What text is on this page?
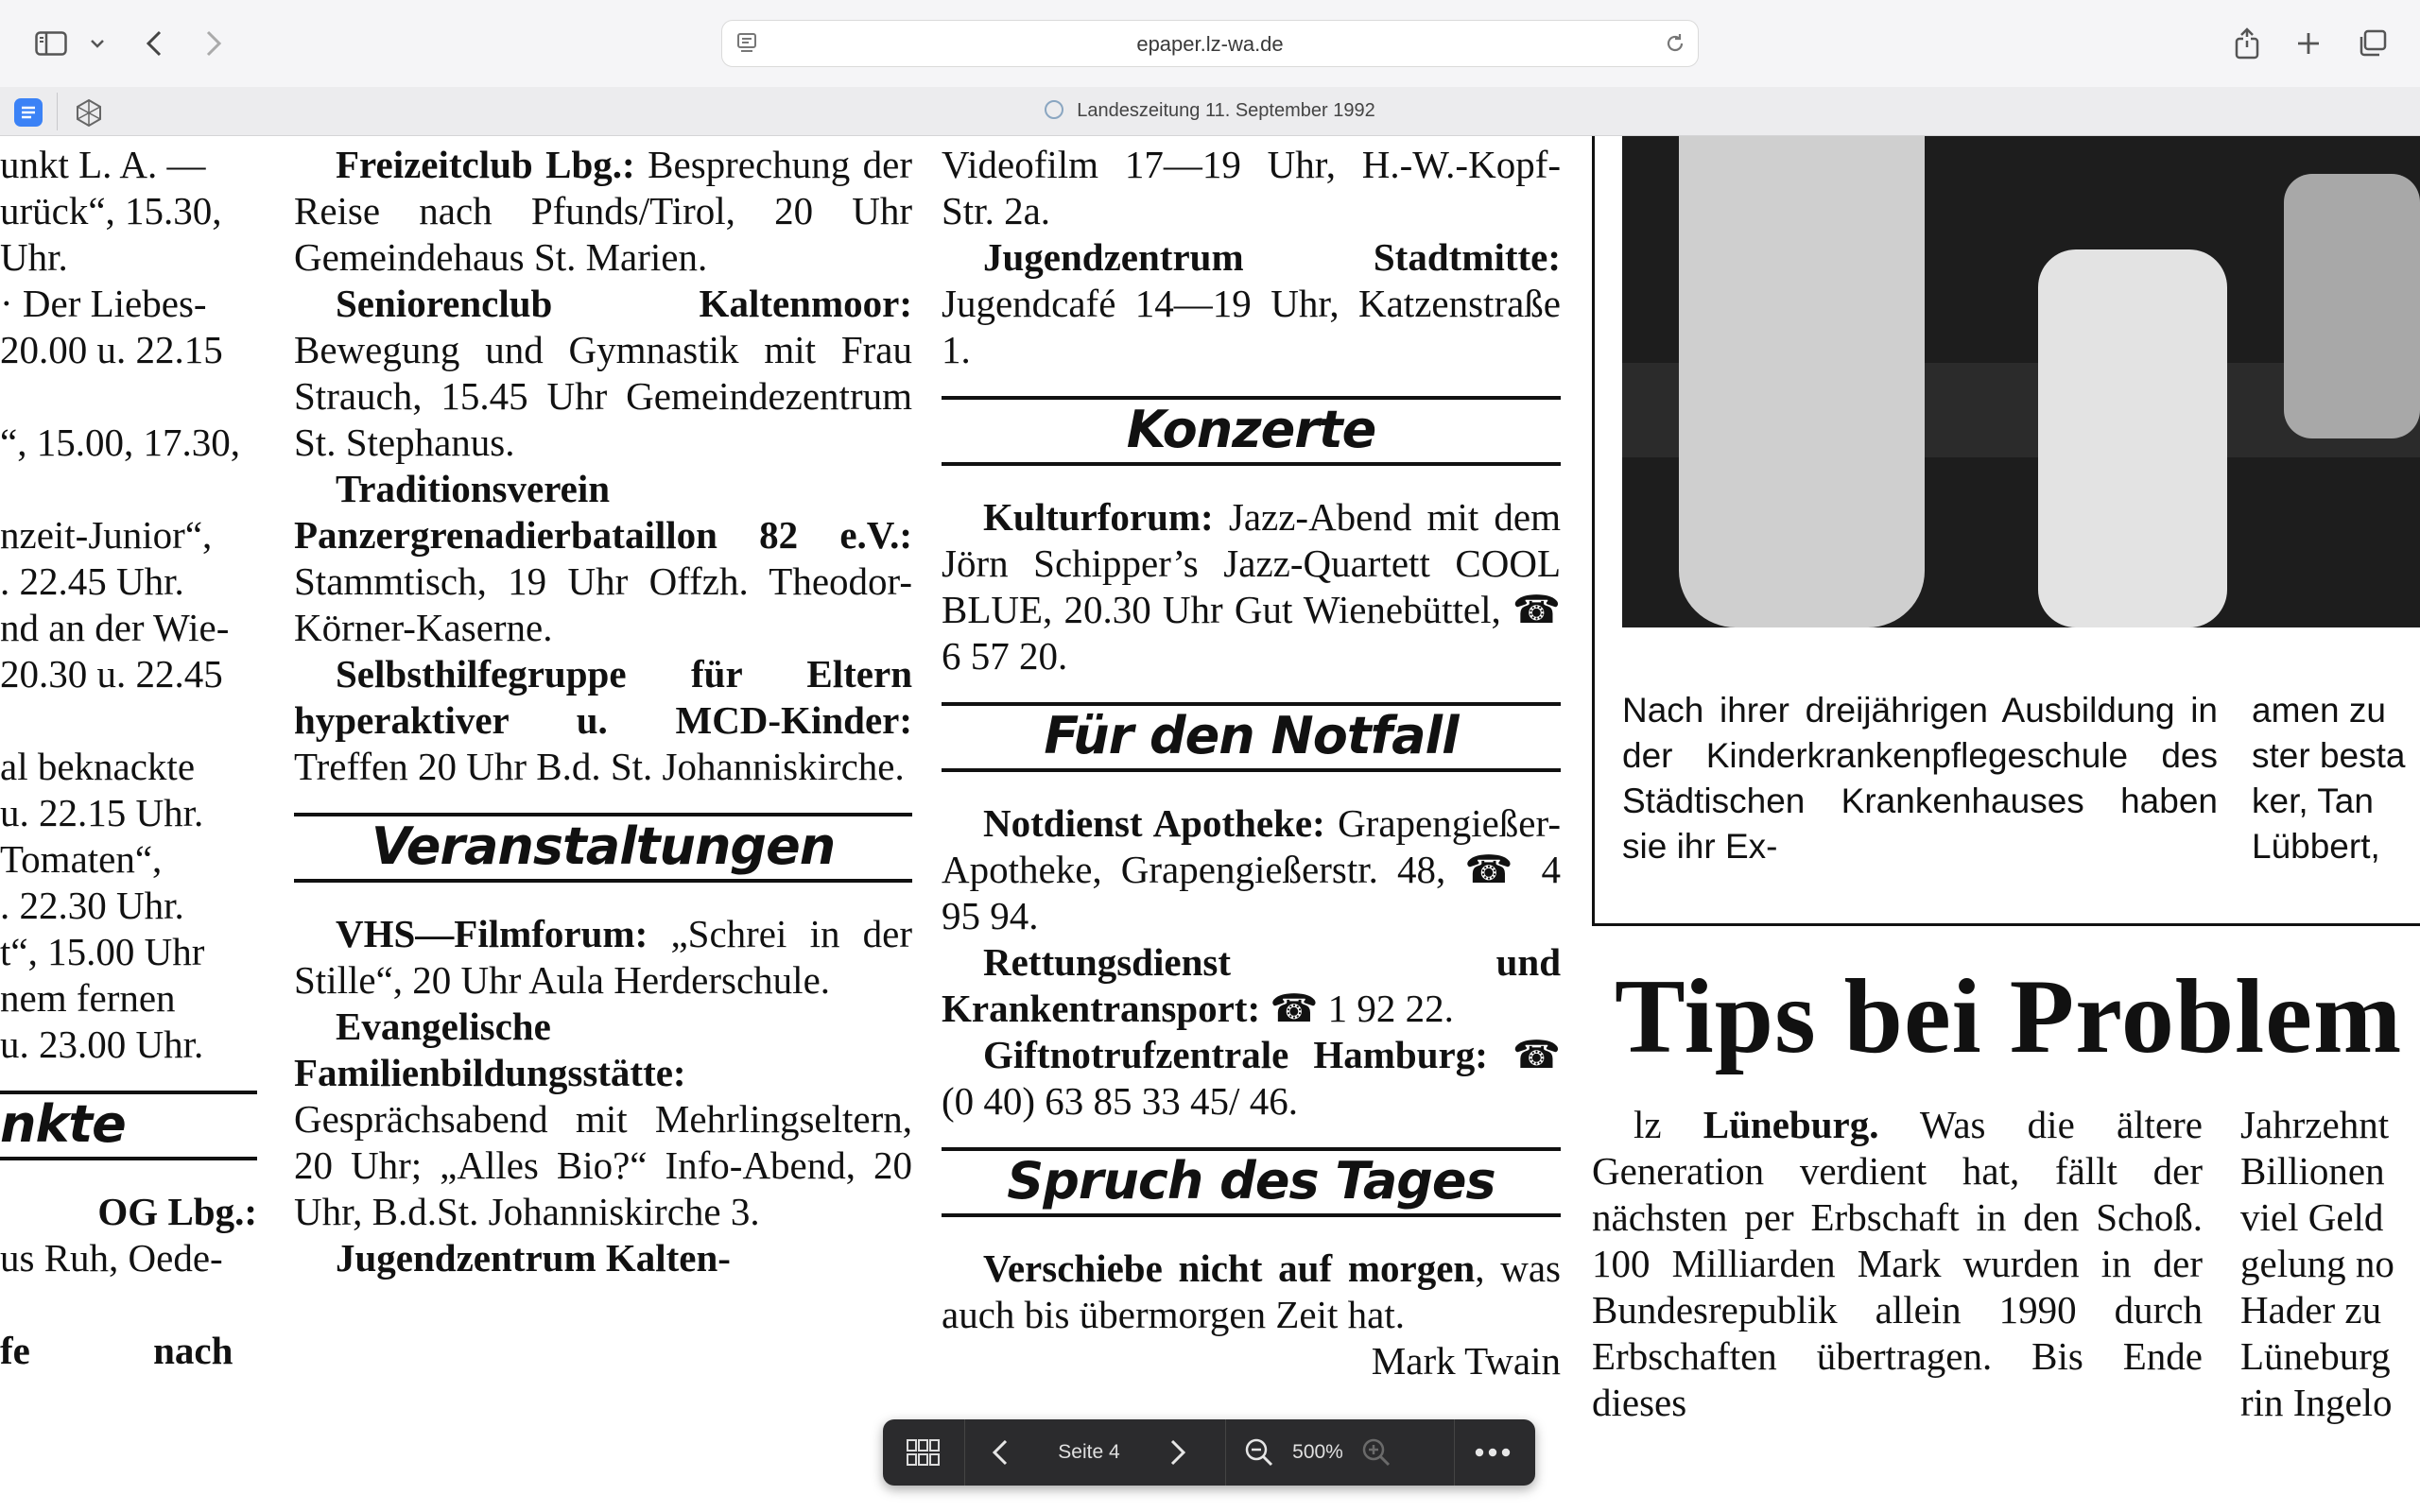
epaper.lz-wa.de
Landeszeitung 11. September 1992
unkt L. A. —
urück“, 15.30,
Uhr.
· Der Liebes-
20.00 u. 22.15

“, 15.00, 17.30,

nzeit-Junior“,
. 22.45 Uhr.
nd an der Wie-
20.30 u. 22.45

al beknackte
u. 22.15 Uhr.
Tomaten“,
. 22.30 Uhr.
t“, 15.00 Uhr
nem fernen
u. 23.00 Uhr.
nkte
OG Lbg.:
us Ruh, Oede-

fe nach

Freizeitclub Lbg.: Besprechung der Reise nach Pfunds/Tirol, 20 Uhr Gemeindehaus St. Marien.

Seniorenclub Kaltenmoor: Bewegung und Gymnastik mit Frau Strauch, 15.45 Uhr Gemeindezentrum St. Stephanus.

Traditionsverein Panzergrenadierbataillon 82 e.V.: Stammtisch, 19 Uhr Offzh. Theodor-Körner-Kaserne.

Selbsthilfegruppe für Eltern hyperaktiver u. MCD-Kinder: Treffen 20 Uhr B.d. St. Johanniskirche.

Veranstaltungen

VHS—Filmforum: „Schrei in der Stille“, 20 Uhr Aula Herderschule.

Evangelische Familienbildungsstätte: Gesprächsabend mit Mehrlingseltern, 20 Uhr; „Alles Bio?“ Info-Abend, 20 Uhr, B.d.St. Johanniskirche 3.

Jugendzentrum Kalten-

Videofilm 17—19 Uhr, H.-W.-Kopf-Str. 2a.

Jugendzentrum Stadtmitte: Jugendcafé 14—19 Uhr, Katzenstraße 1.

Konzerte

Kulturforum: Jazz-Abend mit dem Jörn Schipper’s Jazz-Quartett COOL BLUE, 20.30 Uhr Gut Wienebüttel, ☎ 6 57 20.

Für den Notfall

Notdienst Apotheke: Grapengießer-Apotheke, Grapengießerstr. 48, ☎ 4 95 94.

Rettungsdienst und Krankentransport: ☎ 1 92 22.

Giftnotrufzentrale Hamburg: ☎ (0 40) 63 85 33 45/ 46.

Spruch des Tages

Verschiebe nicht auf morgen, was auch bis übermorgen Zeit hat.
Mark Twain

Nach ihrer dreijährigen Ausbildung in der Kinderkrankenpflegeschule des Städtischen Krankenhauses haben sie ihr Ex-
amen zu
ster besta
ker, Tan
Lübbert,
Tips bei Problem
lz Lüneburg. Was die ältere Generation verdient hat, fällt der nächsten per Erbschaft in den Schoß. 100 Milliarden Mark wurden in der Bundesrepublik allein 1990 durch Erbschaften übertragen. Bis Ende dieses
Jahrzehnt
Billionen
viel Geld
gelung no
Hader zu
Lüneburg
rin Ingelo
Seite 4	500%
